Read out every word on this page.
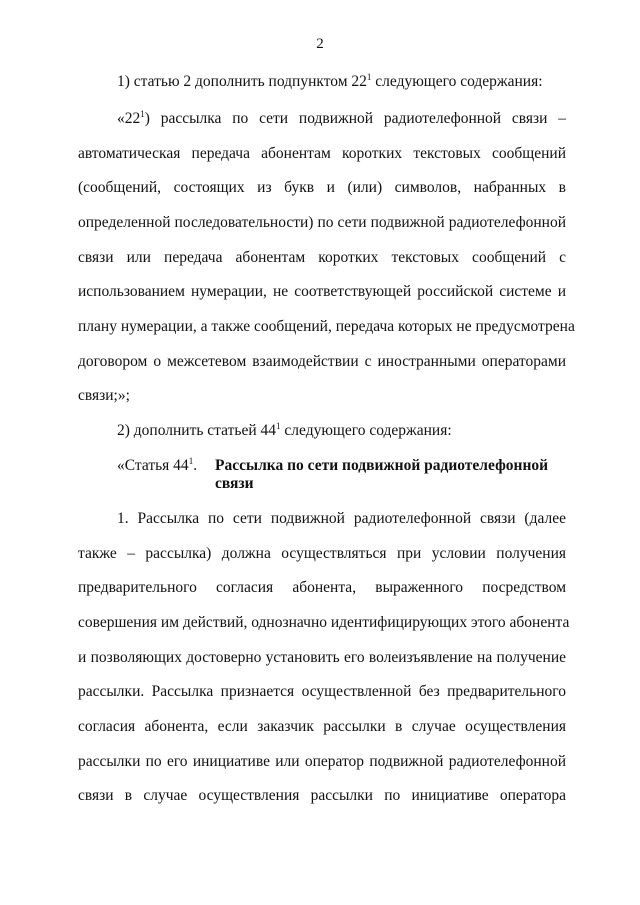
2
1) статью 2 дополнить подпунктом $22^1$ следующего содержания:
«$22^1$) рассылка по сети подвижной радиотелефонной связи –
автоматическая передача абонентам коротких текстовых сообщений
(сообщений, состоящих из букв и (или) символов, набранных в
определенной последовательности) по сети подвижной радиотелефонной
связи или передача абонентам коротких текстовых сообщений с
использованием нумерации, не соответствующей российской системе и
плану нумерации, а также сообщений, передача которых не предусмотрена
договором о межсетевом взаимодействии с иностранными операторами
связи;»;
2) дополнить статьей $44^1$ следующего содержания:
«Статья $44^1$. Рассылка по сети подвижной радиотелефонной
связи
1. Рассылка по сети подвижной радиотелефонной связи (далее
также – рассылка) должна осуществляться при условии получения
предварительного согласия абонента, выраженного посредством
совершения им действий, однозначно идентифицирующих этого абонента
и позволяющих достоверно установить его волеизъявление на получение
рассылки. Рассылка признается осуществленной без предварительного
согласия абонента, если заказчик рассылки в случае осуществления
рассылки по его инициативе или оператор подвижной радиотелефонной
связи в случае осуществления рассылки по инициативе оператора
